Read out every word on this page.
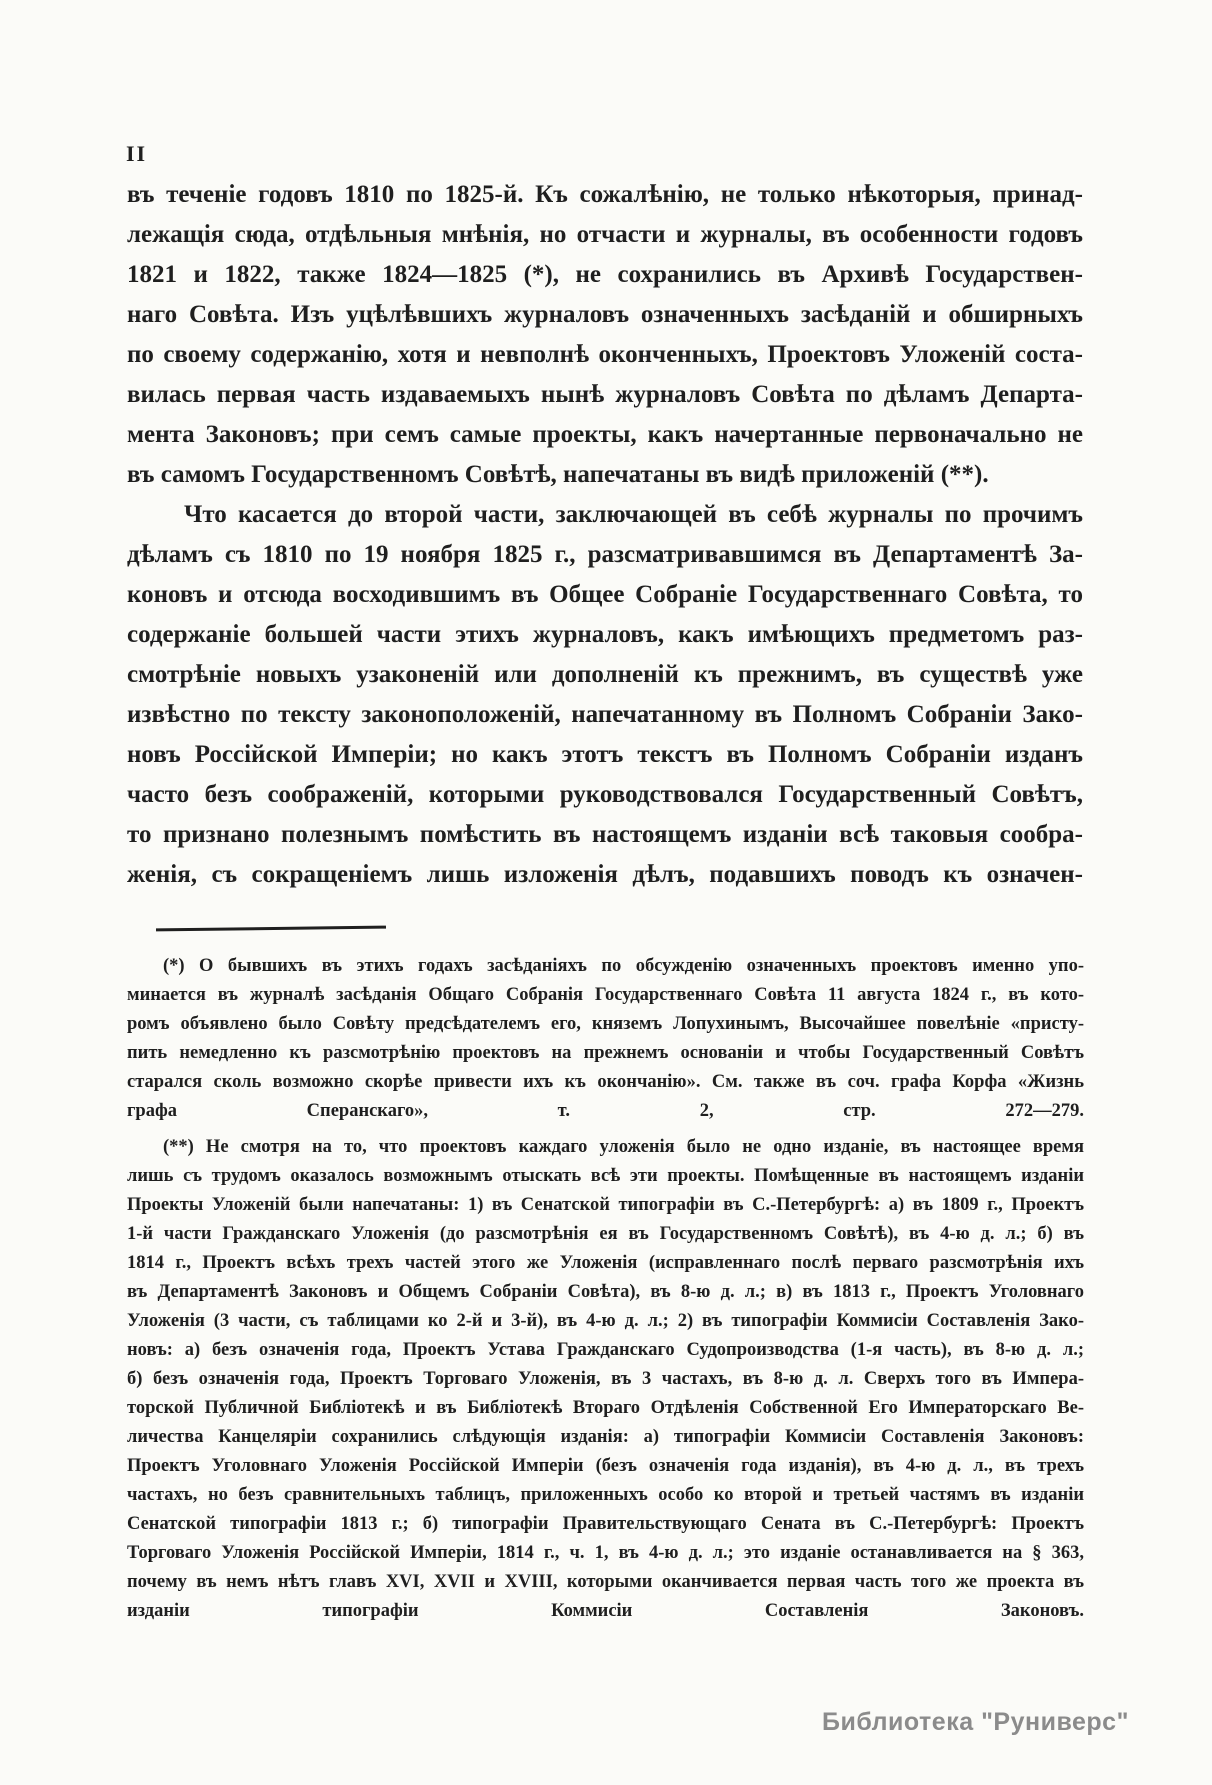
II
въ теченіе годовъ 1810 по 1825-й. Къ сожалѣнію, не только нѣкоторыя, принад-
лежащія сюда, отдѣльныя мнѣнія, но отчасти и журналы, въ особенности годовъ
1821 и 1822, также 1824—1825 (*), не сохранились въ Архивѣ Государствен-
наго Совѣта. Изъ уцѣлѣвшихъ журналовъ означенныхъ засѣданій и обширныхъ
по своему содержанію, хотя и невполнѣ оконченныхъ, Проектовъ Уложеній соста-
вилась первая часть издаваемыхъ нынѣ журналовъ Совѣта по дѣламъ Департа-
мента Законовъ; при семъ самые проекты, какъ начертанные первоначально не
въ самомъ Государственномъ Совѣтѣ, напечатаны въ видѣ приложеній (**).
Что касается до второй части, заключающей въ себѣ журналы по прочимъ
дѣламъ съ 1810 по 19 ноября 1825 г., разсматривавшимся въ Департаментѣ За-
коновъ и отсюда восходившимъ въ Общее Собраніе Государственнаго Совѣта, то
содержаніе большей части этихъ журналовъ, какъ имѣющихъ предметомъ раз-
смотрѣніе новыхъ узаконеній или дополненій къ прежнимъ, въ существѣ уже
извѣстно по тексту законоположеній, напечатанному въ Полномъ Собраніи Зако-
новъ Россійской Имперіи; но какъ этотъ текстъ въ Полномъ Собраніи изданъ
часто безъ соображеній, которыми руководствовался Государственный Совѣтъ,
то признано полезнымъ помѣстить въ настоящемъ изданіи всѣ таковыя сообра-
женія, съ сокращеніемъ лишь изложенія дѣлъ, подавшихъ поводъ къ означен-
(*) О бывшихъ въ этихъ годахъ засѣданіяхъ по обсужденію означенныхъ проектовъ именно упо-
минается въ журналѣ засѣданія Общаго Собранія Государственнаго Совѣта 11 августа 1824 г., въ кото-
ромъ объявлено было Совѣту предсѣдателемъ его, княземъ Лопухинымъ, Высочайшее повелѣніе «присту-
пить немедленно къ разсмотрѣнію проектовъ на прежнемъ основаніи и чтобы Государственный Совѣтъ
старался сколь возможно скорѣе привести ихъ къ окончанію». См. также въ соч. графа Корфа «Жизнь
графа Сперанскаго», т. 2, стр. 272—279.
(**) Не смотря на то, что проектовъ каждаго уложенія было не одно изданіе, въ настоящее время
лишь съ трудомъ оказалось возможнымъ отыскать всѣ эти проекты. Помѣщенные въ настоящемъ изданіи
Проекты Уложеній были напечатаны: 1) въ Сенатской типографіи въ С.-Петербургѣ: а) въ 1809 г., Проектъ
1-й части Гражданскаго Уложенія (до разсмотрѣнія ея въ Государственномъ Совѣтѣ), въ 4-ю д. л.; б) въ
1814 г., Проектъ всѣхъ трехъ частей этого же Уложенія (исправленнаго послѣ перваго разсмотрѣнія ихъ
въ Департаментѣ Законовъ и Общемъ Собраніи Совѣта), въ 8-ю д. л.; в) въ 1813 г., Проектъ Уголовнаго
Уложенія (3 части, съ таблицами ко 2-й и 3-й), въ 4-ю д. л.; 2) въ типографіи Коммисіи Составленія Зако-
новъ: а) безъ означенія года, Проектъ Устава Гражданскаго Судопроизводства (1-я часть), въ 8-ю д. л.;
б) безъ означенія года, Проектъ Торговаго Уложенія, въ 3 частахъ, въ 8-ю д. л. Сверхъ того въ Импера-
торской Публичной Библіотекѣ и въ Библіотекѣ Втораго Отдѣленія Собственной Его Императорскаго Ве-
личества Канцеляріи сохранились слѣдующія изданія: а) типографіи Коммисіи Составленія Законовъ:
Проектъ Уголовнаго Уложенія Россійской Имперіи (безъ означенія года изданія), въ 4-ю д. л., въ трехъ
частахъ, но безъ сравнительныхъ таблицъ, приложенныхъ особо ко второй и третьей частямъ въ изданіи
Сенатской типографіи 1813 г.; б) типографіи Правительствующаго Сената въ С.-Петербургѣ: Проектъ
Торговаго Уложенія Россійской Имперіи, 1814 г., ч. 1, въ 4-ю д. л.; это изданіе останавливается на § 363,
почему въ немъ нѣтъ главъ XVI, XVII и XVIII, которыми оканчивается первая часть того же проекта въ
изданіи типографіи Коммисіи Составленія Законовъ.
Библиотека "Руниверс"
